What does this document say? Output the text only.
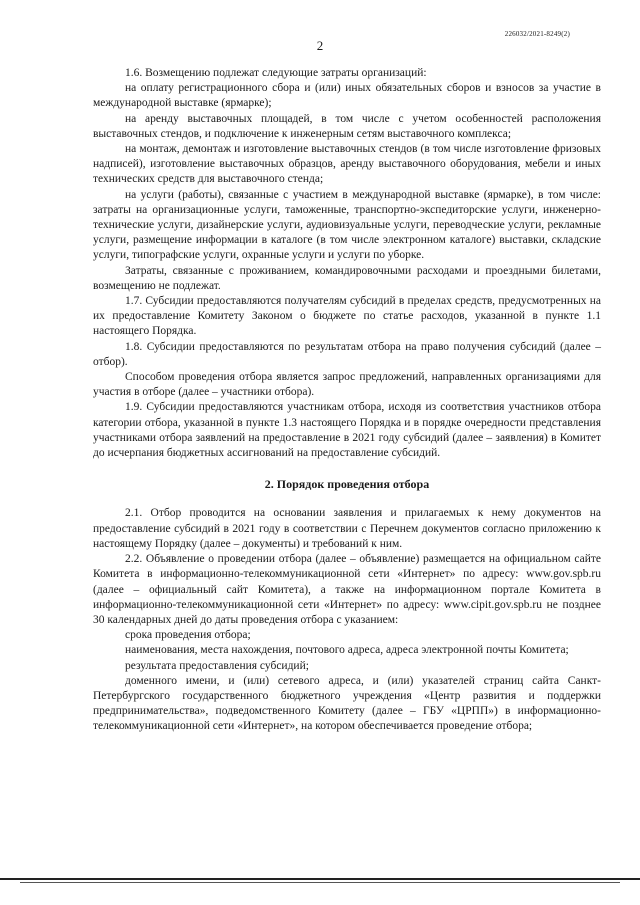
226032/2021-8249(2)
2

1.6. Возмещению подлежат следующие затраты организаций:

на оплату регистрационного сбора и (или) иных обязательных сборов и взносов за участие в международной выставке (ярмарке);

на аренду выставочных площадей, в том числе с учетом особенностей расположения выставочных стендов, и подключение к инженерным сетям выставочного комплекса;

на монтаж, демонтаж и изготовление выставочных стендов (в том числе изготовление фризовых надписей), изготовление выставочных образцов, аренду выставочного оборудования, мебели и иных технических средств для выставочного стенда;

на услуги (работы), связанные с участием в международной выставке (ярмарке), в том числе: затраты на организационные услуги, таможенные, транспортно-экспедиторские услуги, инженерно-технические услуги, дизайнерские услуги, аудиовизуальные услуги, переводческие услуги, рекламные услуги, размещение информации в каталоге (в том числе электронном каталоге) выставки, складские услуги, типографские услуги, охранные услуги и услуги по уборке.

Затраты, связанные с проживанием, командировочными расходами и проездными билетами, возмещению не подлежат.

1.7. Субсидии предоставляются получателям субсидий в пределах средств, предусмотренных на их предоставление Комитету Законом о бюджете по статье расходов, указанной в пункте 1.1 настоящего Порядка.

1.8. Субсидии предоставляются по результатам отбора на право получения субсидий (далее – отбор).

Способом проведения отбора является запрос предложений, направленных организациями для участия в отборе (далее – участники отбора).

1.9. Субсидии предоставляются участникам отбора, исходя из соответствия участников отбора категории отбора, указанной в пункте 1.3 настоящего Порядка и в порядке очередности представления участниками отбора заявлений на предоставление в 2021 году субсидий (далее – заявления) в Комитет до исчерпания бюджетных ассигнований на предоставление субсидий.

2. Порядок проведения отбора

2.1. Отбор проводится на основании заявления и прилагаемых к нему документов на предоставление субсидий в 2021 году в соответствии с Перечнем документов согласно приложению к настоящему Порядку (далее – документы) и требований к ним.

2.2. Объявление о проведении отбора (далее – объявление) размещается на официальном сайте Комитета в информационно-телекоммуникационной сети «Интернет» по адресу: www.gov.spb.ru (далее – официальный сайт Комитета), а также на информационном портале Комитета в информационно-телекоммуникационной сети «Интернет» по адресу: www.cipit.gov.spb.ru не позднее 30 календарных дней до даты проведения отбора с указанием:

срока проведения отбора;

наименования, места нахождения, почтового адреса, адреса электронной почты Комитета;

результата предоставления субсидий;

доменного имени, и (или) сетевого адреса, и (или) указателей страниц сайта Санкт-Петербургского государственного бюджетного учреждения «Центр развития и поддержки предпринимательства», подведомственного Комитету (далее – ГБУ «ЦРПП») в информационно-телекоммуникационной сети «Интернет», на котором обеспечивается проведение отбора;
